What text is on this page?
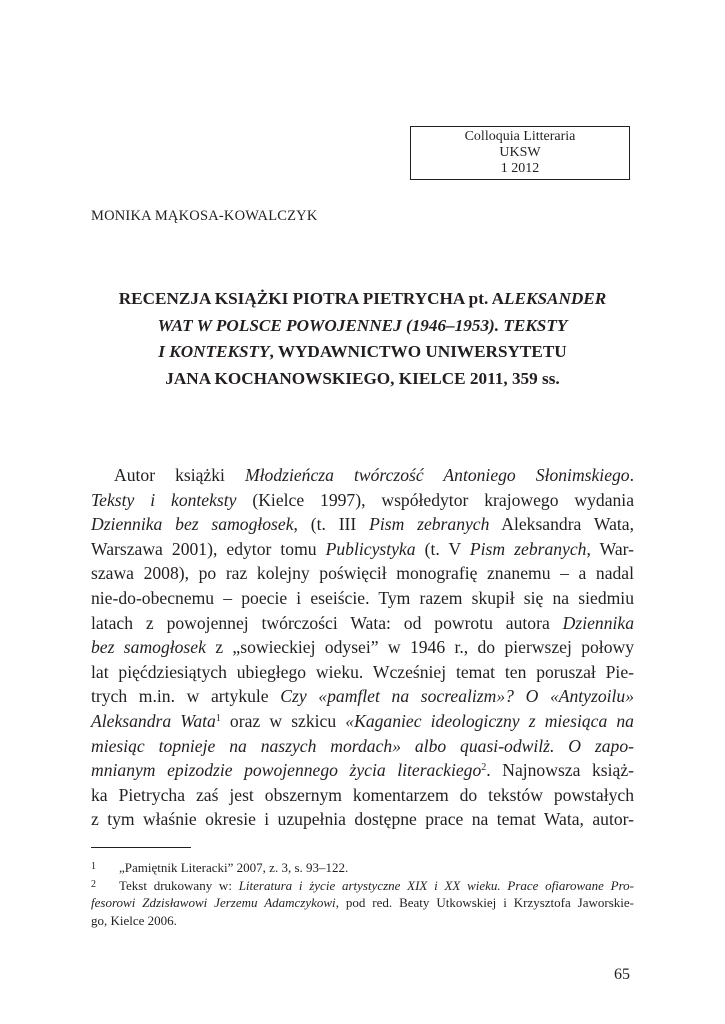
Colloquia Litteraria
UKSW
1 2012
MONIKA MĄKOSA-KOWALCZYK
RECENZJA KSIĄŻKI PIOTRA PIETRYCHA pt. ALEKSANDER
WAT W POLSCE POWOJENNEJ (1946–1953). TEKSTY
I KONTEKSTY, WYDAWNICTWO UNIWERSYTETU
JANA KOCHANOWSKIEGO, KIELCE 2011, 359 ss.
Autor książki Młodzieńcza twórczość Antoniego Słonimskiego.
Teksty i konteksty (Kielce 1997), współedytor krajowego wydania
Dziennika bez samogłosek, (t. III Pism zebranych Aleksandra Wata,
Warszawa 2001), edytor tomu Publicystyka (t. V Pism zebranych, War-
szawa 2008), po raz kolejny poświęcił monografię znanemu – a nadal
nie-do-obecnemu – poecie i eseiście. Tym razem skupił się na siedmiu
latach z powojennej twórczości Wata: od powrotu autora Dziennika
bez samogłosek z „sowieckiej odysei” w 1946 r., do pierwszej połowy
lat pięćdziesiątych ubiegłego wieku. Wcześniej temat ten poruszał Pie-
trych m.in. w artykule Czy «pamflet na socrealizm»? O «Antyzoilu»
Aleksandra Wata$^1$ oraz w szkicu «Kaganiec ideologiczny z miesiąca na
miesiąc topnieje na naszych mordach» albo quasi-odwilż. O zapo-
mnianym epizodzie powojennego życia literackiego$^2$. Najnowsza książ-
ka Pietrycha zaś jest obszernym komentarzem do tekstów powstałych
z tym właśnie okresie i uzupełnia dostępne prace na temat Wata, autor-
1 „Pamiętnik Literacki” 2007, z. 3, s. 93–122.
2 Tekst drukowany w: Literatura i życie artystyczne XIX i XX wieku. Prace ofiarowane Pro-
fesorowi Zdzisławowi Jerzemu Adamczykowi, pod red. Beaty Utkowskiej i Krzysztofa Jaworskie-
go, Kielce 2006.
65
